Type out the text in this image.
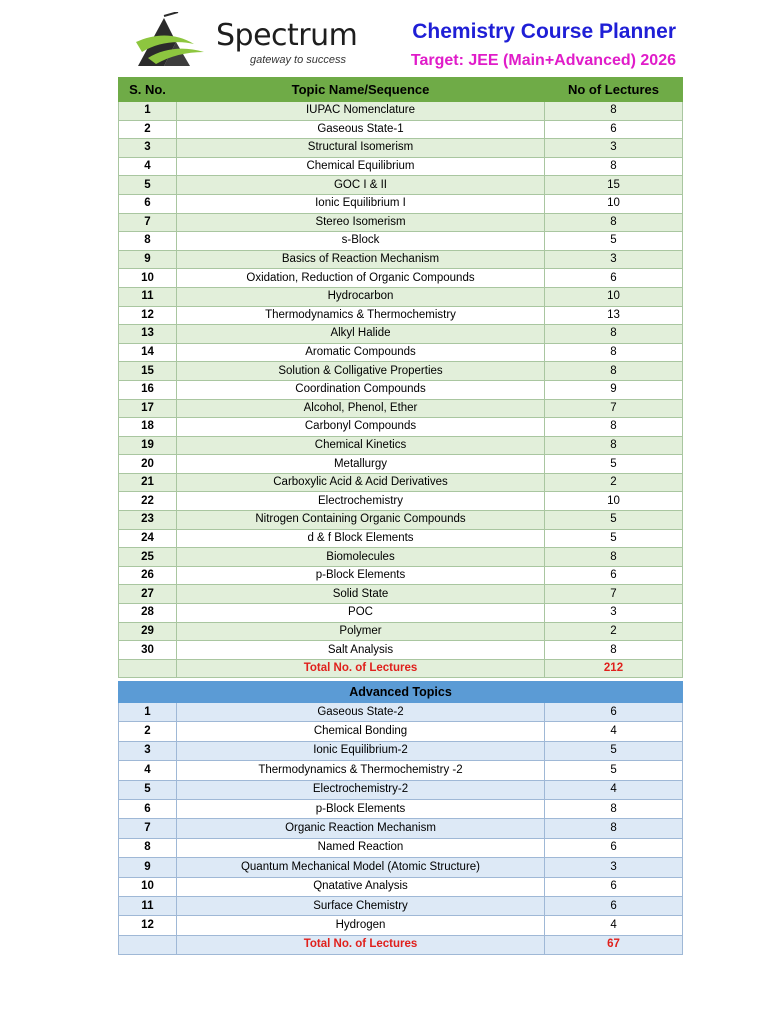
Spectrum
gateway to success
Chemistry Course Planner
Target: JEE (Main+Advanced) 2026
S. No.	Topic Name/Sequence	No of Lectures
1	IUPAC Nomenclature	8
2	Gaseous State-1	6
3	Structural Isomerism	3
4	Chemical Equilibrium	8
5	GOC I & II	15
6	Ionic Equilibrium I	10
7	Stereo Isomerism	8
8	s-Block	5
9	Basics of Reaction Mechanism	3
10	Oxidation, Reduction of Organic Compounds	6
11	Hydrocarbon	10
12	Thermodynamics & Thermochemistry	13
13	Alkyl Halide	8
14	Aromatic Compounds	8
15	Solution & Colligative Properties	8
16	Coordination Compounds	9
17	Alcohol, Phenol, Ether	7
18	Carbonyl Compounds	8
19	Chemical Kinetics	8
20	Metallurgy	5
21	Carboxylic Acid & Acid Derivatives	2
22	Electrochemistry	10
23	Nitrogen Containing Organic Compounds	5
24	d & f Block Elements	5
25	Biomolecules	8
26	p-Block Elements	6
27	Solid State	7
28	POC	3
29	Polymer	2
30	Salt Analysis	8
	Total No. of Lectures	212
Advanced Topics		
1	Gaseous State-2	6
2	Chemical Bonding	4
3	Ionic Equilibrium-2	5
4	Thermodynamics & Thermochemistry -2	5
5	Electrochemistry-2	4
6	p-Block Elements	8
7	Organic Reaction Mechanism	8
8	Named Reaction	6
9	Quantum Mechanical Model (Atomic Structure)	3
10	Qnatative Analysis	6
11	Surface Chemistry	6
12	Hydrogen	4
	Total No. of Lectures	67
